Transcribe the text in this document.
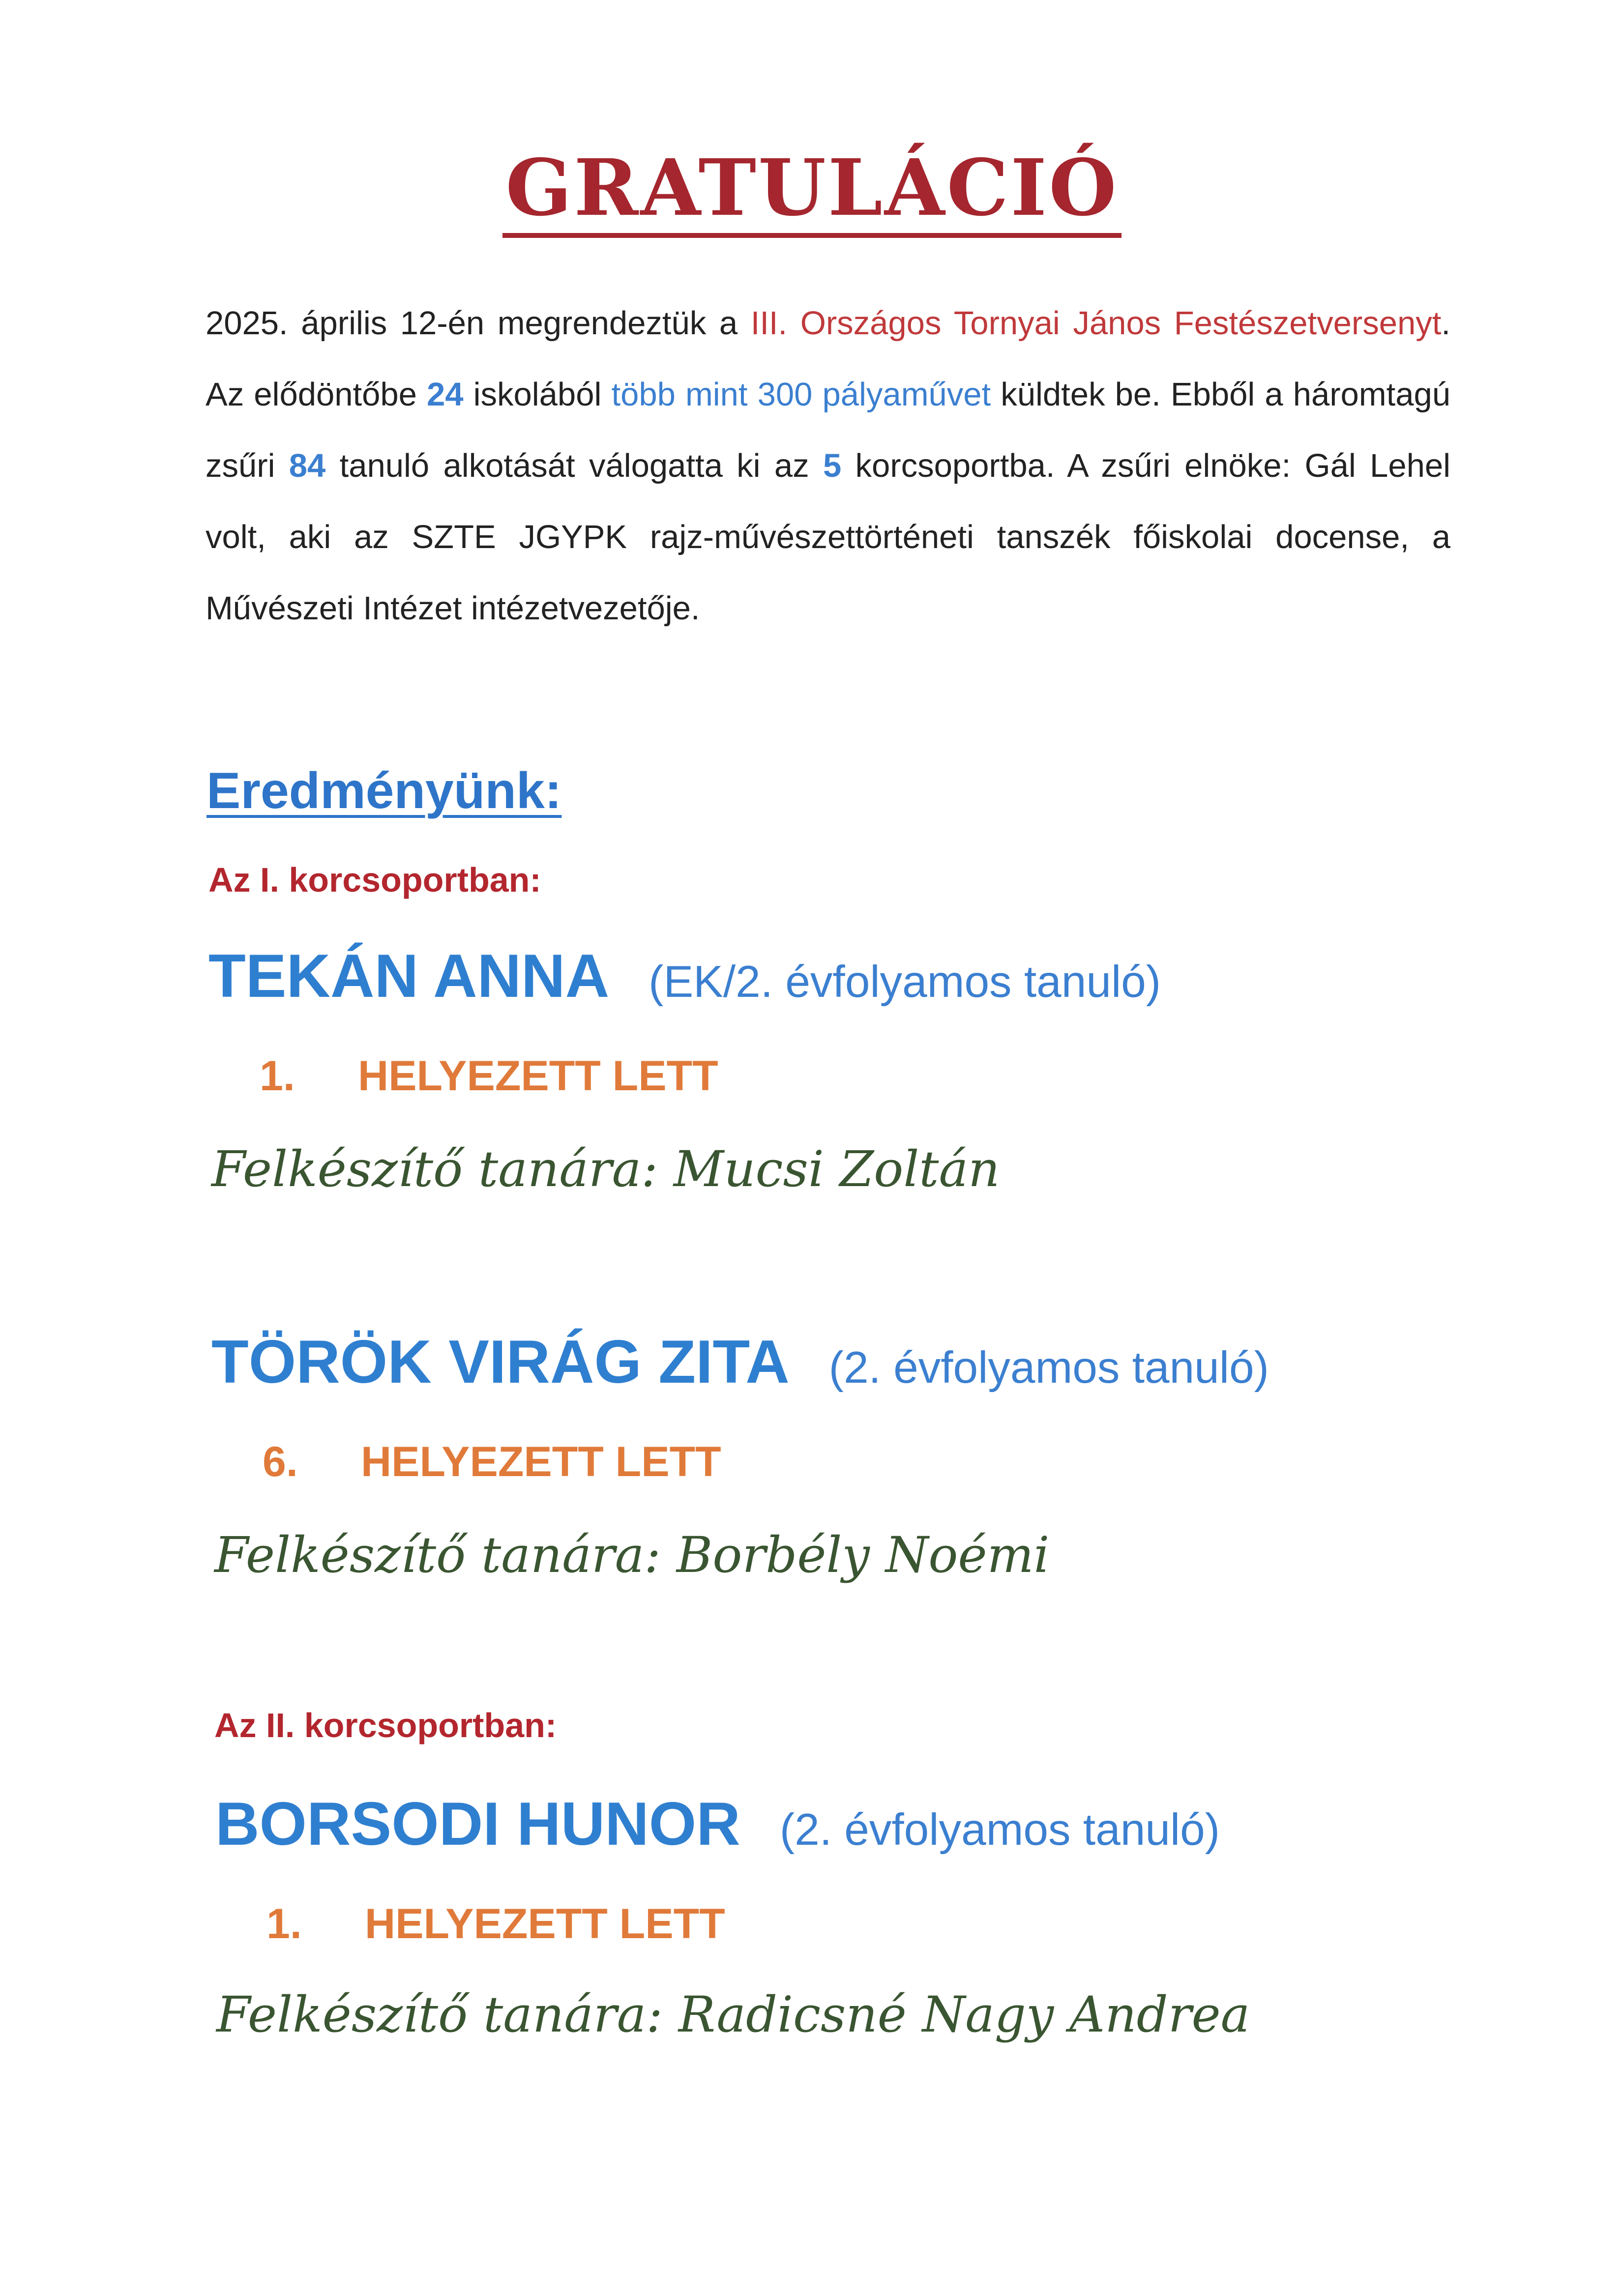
GRATULÁCIÓ

2025. április 12-én megrendeztük a III. Országos Tornyai János Festészetversenyt. Az elődöntőbe 24 iskolából több mint 300 pályaművet küldtek be. Ebből a háromtagú zsűri 84 tanuló alkotását válogatta ki az 5 korcsoportba. A zsűri elnöke: Gál Lehel volt, aki az SZTE JGYPK rajz-művészettörténeti tanszék főiskolai docense, a Művészeti Intézet intézetvezetője.

Eredményünk:
Az I. korcsoportban:
TEKÁN ANNA (EK/2. évfolyamos tanuló)
1. HELYEZETT LETT
Felkészítő tanára: Mucsi Zoltán
TÖRÖK VIRÁG ZITA (2. évfolyamos tanuló)
6. HELYEZETT LETT
Felkészítő tanára: Borbély Noémi
Az II. korcsoportban:
BORSODI HUNOR (2. évfolyamos tanuló)
1. HELYEZETT LETT
Felkészítő tanára: Radicsné Nagy Andrea
